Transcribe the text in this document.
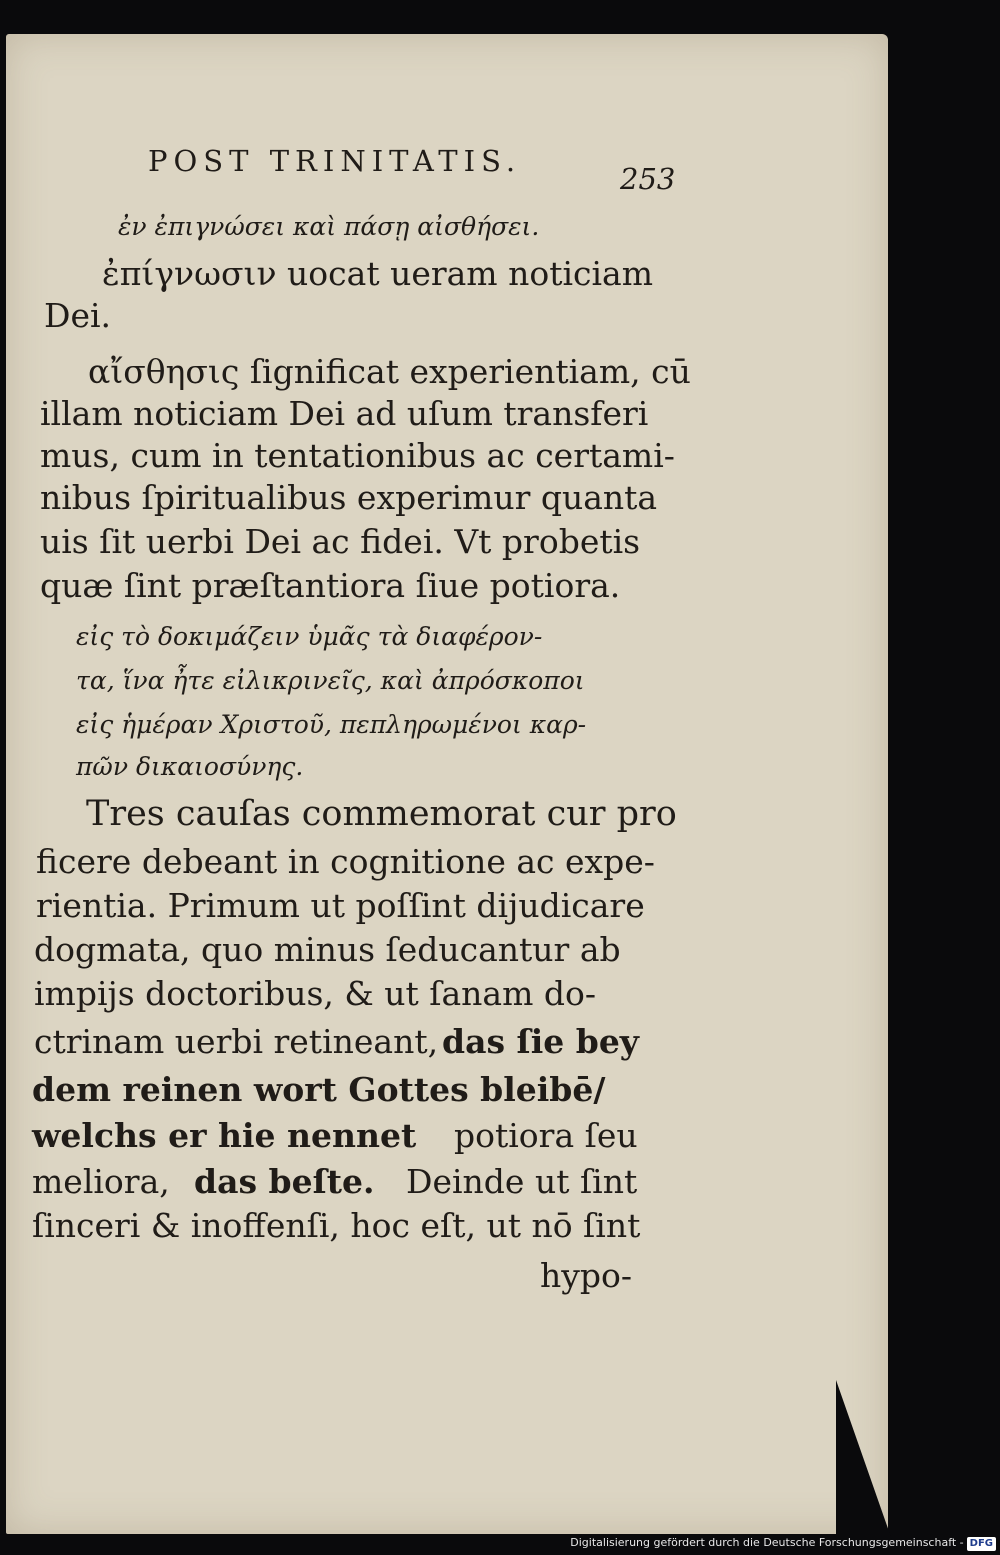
POST TRINITATIS.
253
ἐν ἐπιγνώσει καὶ πάσῃ αἰσθήσει.
ἐπίγνωσιν uocat ueram noticiam
Dei.
αἴσθησις ſignificat experientiam, cū
illam noticiam Dei ad uſum transferi
mus, cum in tentationibus ac certami-
nibus ſpiritualibus experimur quanta
uis ſit uerbi Dei ac fidei. Vt probetis
quæ ſint præſtantiora ſiue potiora.
εἰς τὸ δοκιμάζειν ὑμᾶς τὰ διαφέρον-
τα, ἵνα ἦτε εἰλικρινεῖς, καὶ ἀπρόσκοποι
εἰς ἡμέραν Χριστοῦ, πεπληρωμένοι καρ-
πῶν δικαιοσύνης.
Tres cauſas commemorat cur pro
ficere debeant in cognitione ac expe-
rientia. Primum ut poſſint dijudicare
dogmata, quo minus ſeducantur ab
impijs doctoribus, & ut ſanam do-
ctrinam uerbi retineant, das ſie bey
dem reinen wort Gottes bleibē/
welchs er hie nennet potiora ſeu
meliora, das beſte. Deinde ut ſint
ſinceri & inoffenſi, hoc eſt, ut nō ſint
hypo-
Digitalisierung gefördert durch die Deutsche Forschungsgemeinschaft - DFG
